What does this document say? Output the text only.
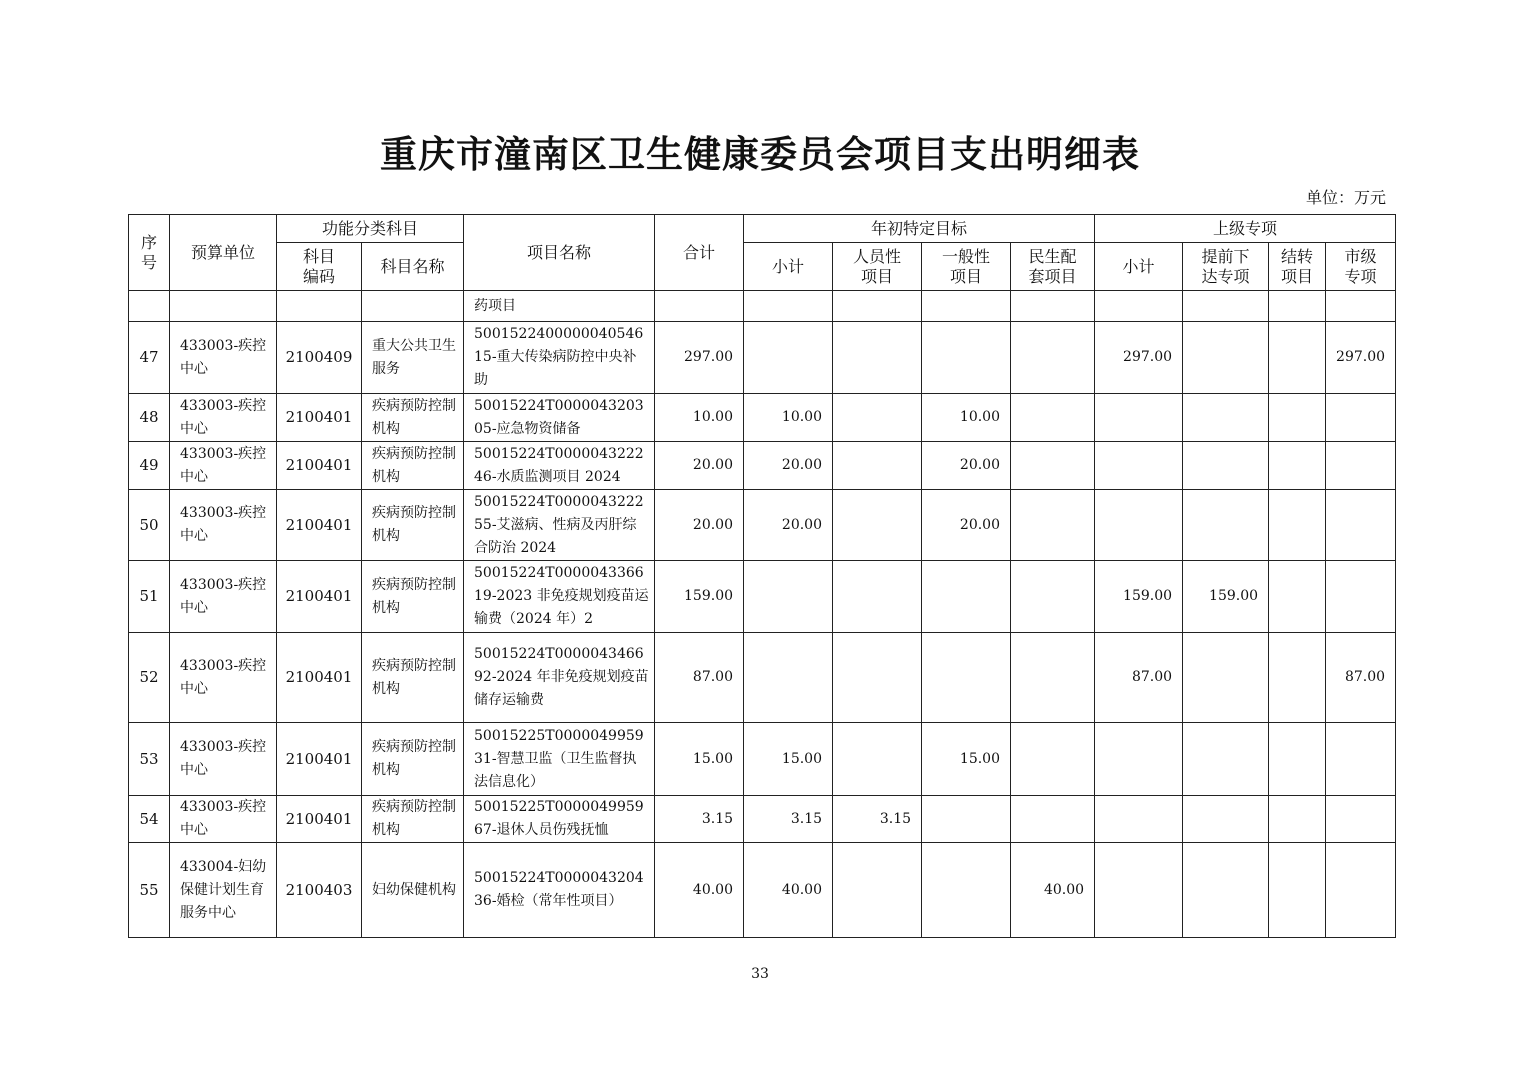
重庆市潼南区卫生健康委员会项目支出明细表
单位：万元
序号	预算单位	功能分类科目		项目名称	合计	年初特定目标				上级专项			
		科目编码	科目名称			小计	人员性项目	一般性项目	民生配套项目	小计	提前下达专项	结转项目	市级专项
				药项目									
47	433003-疾控中心	2100409	重大公共卫生服务	500152240000004054615-重大传染病防控中央补助	297.00					297.00			297.00
48	433003-疾控中心	2100401	疾病预防控制机构	50015224T000004320305-应急物资储备	10.00	10.00		10.00					
49	433003-疾控中心	2100401	疾病预防控制机构	50015224T000004322246-水质监测项目 2024	20.00	20.00		20.00					
50	433003-疾控中心	2100401	疾病预防控制机构	50015224T000004322255-艾滋病、性病及丙肝综合防治 2024	20.00	20.00		20.00					
51	433003-疾控中心	2100401	疾病预防控制机构	50015224T000004336619-2023 非免疫规划疫苗运输费（2024 年）2	159.00					159.00	159.00		
52	433003-疾控中心	2100401	疾病预防控制机构	50015224T000004346692-2024 年非免疫规划疫苗储存运输费	87.00					87.00			87.00
53	433003-疾控中心	2100401	疾病预防控制机构	50015225T000004995931-智慧卫监（卫生监督执法信息化）	15.00	15.00		15.00					
54	433003-疾控中心	2100401	疾病预防控制机构	50015225T000004995967-退休人员伤残抚恤	3.15	3.15	3.15						
55	433004-妇幼保健计划生育服务中心	2100403	妇幼保健机构	50015224T000004320436-婚检（常年性项目）	40.00	40.00			40.00				
33
